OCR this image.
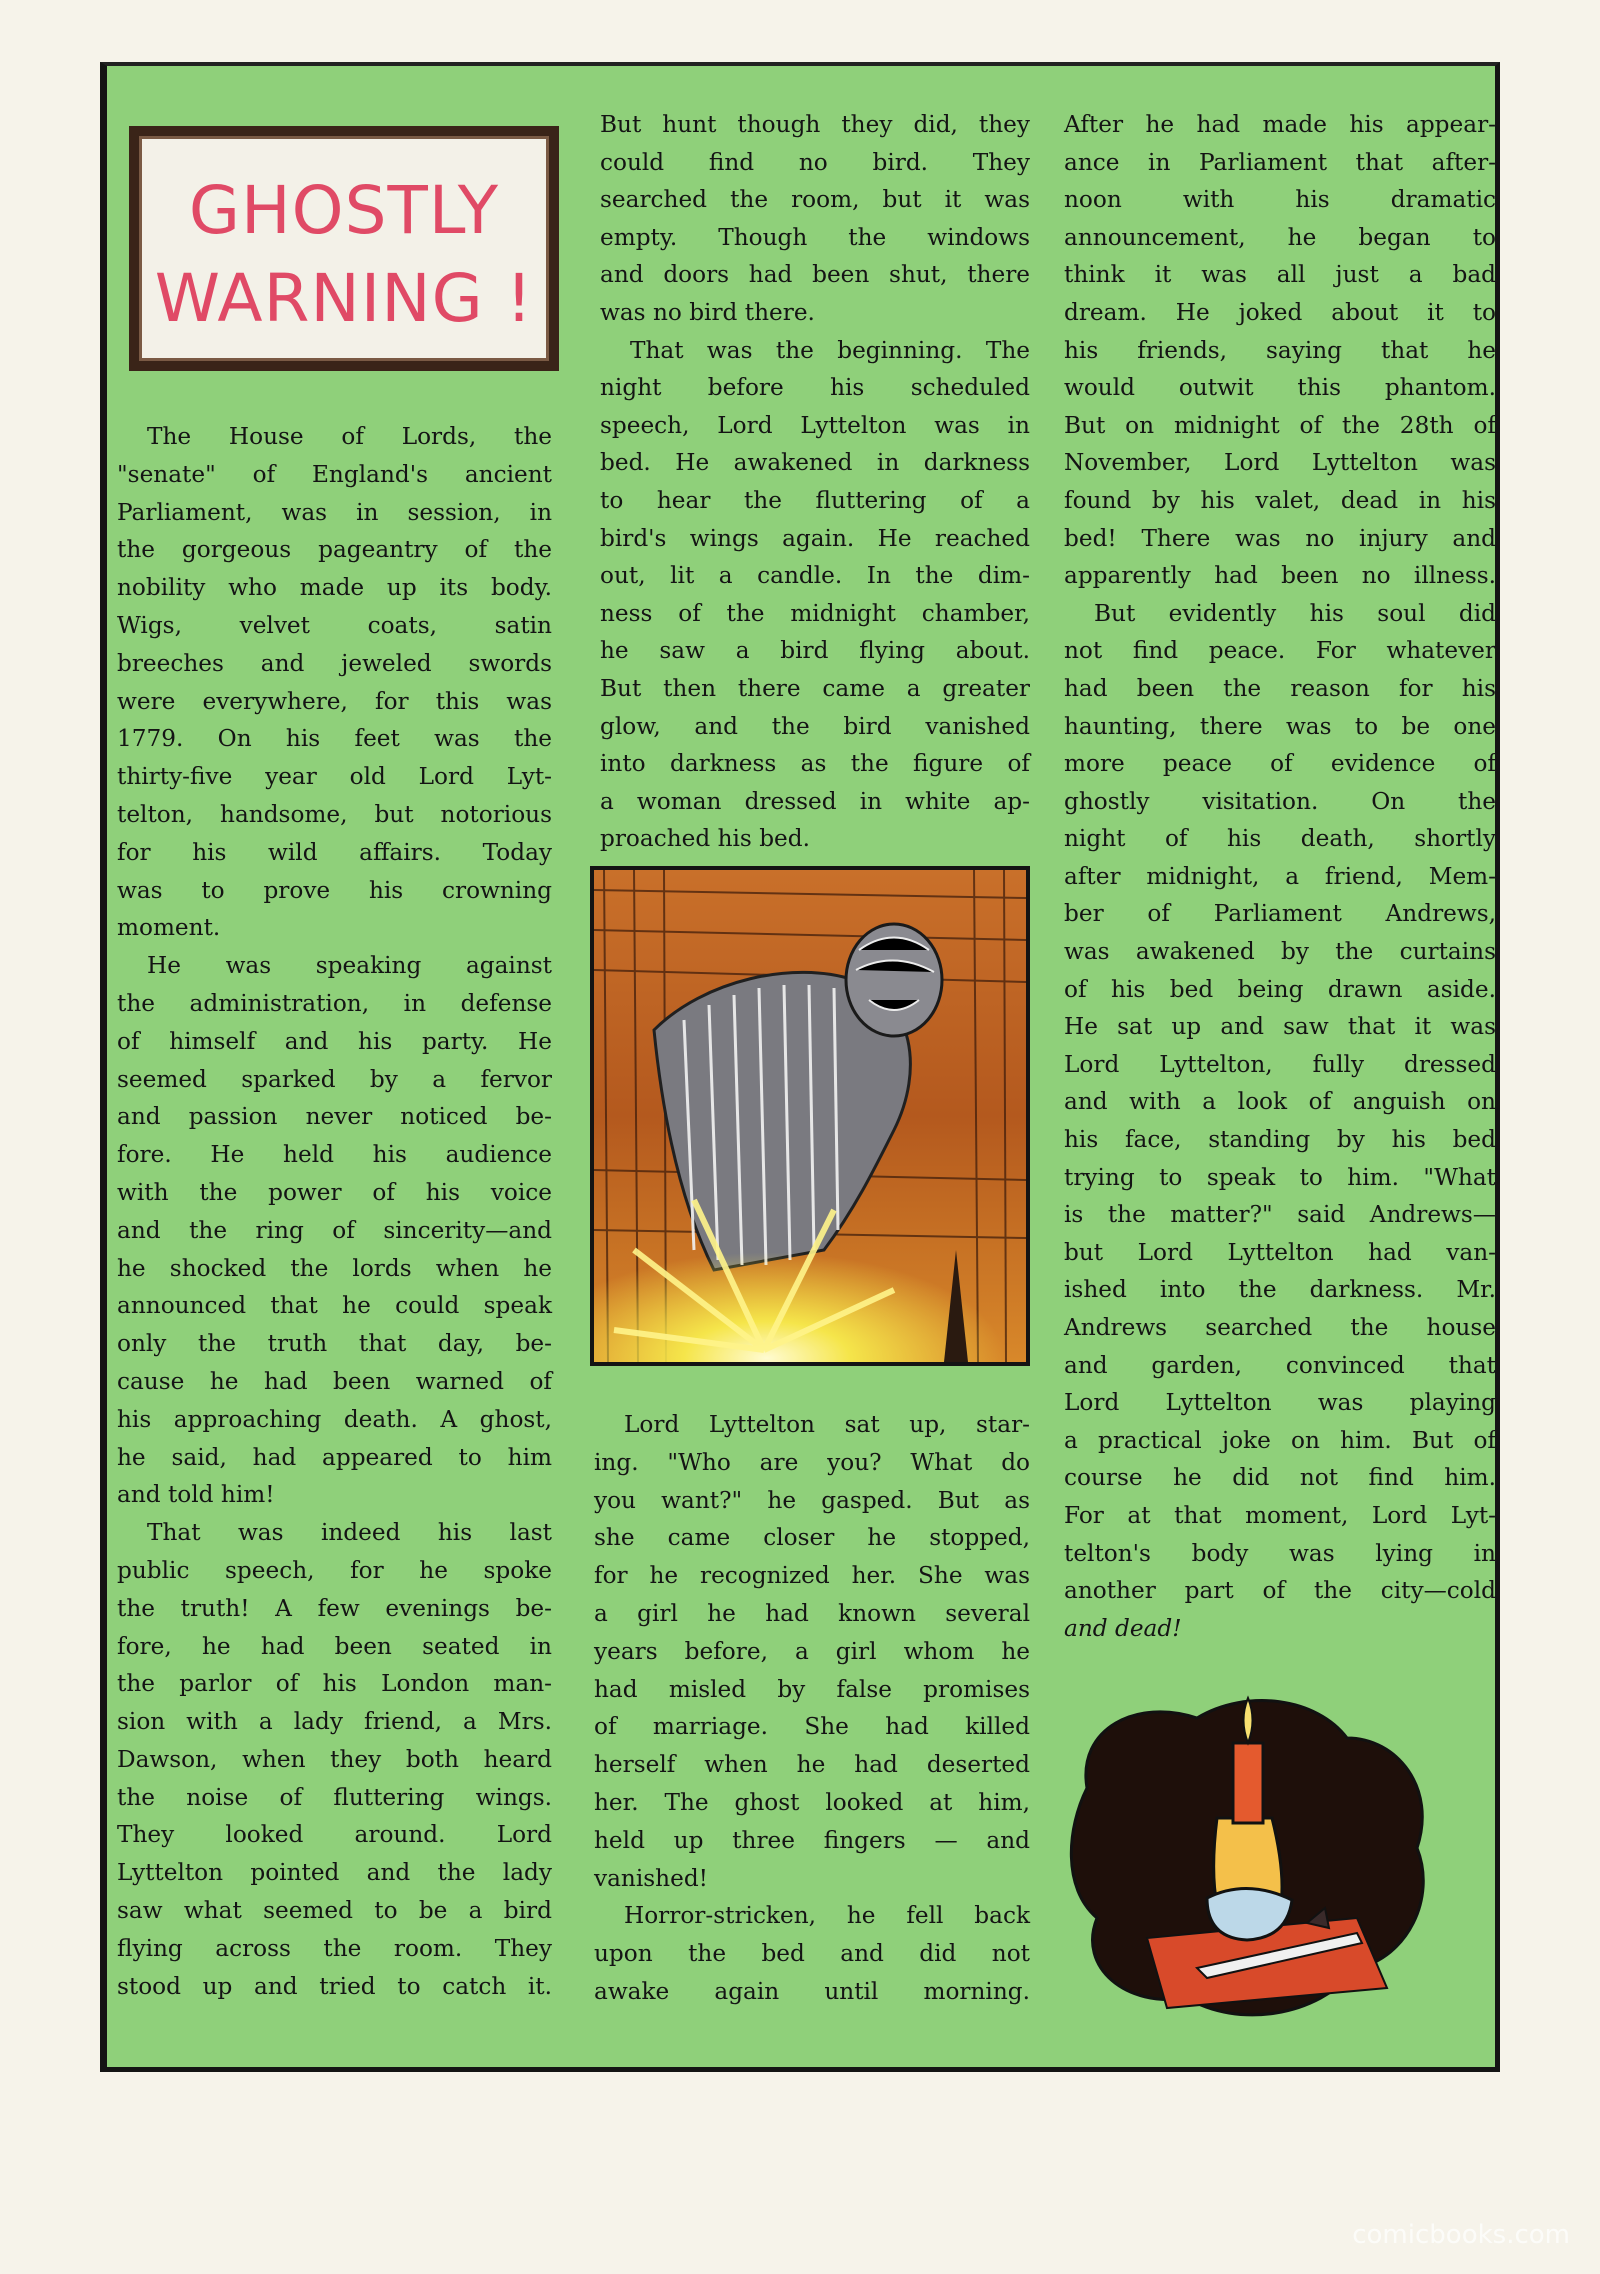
GHOSTLY
WARNING !

The House of Lords, the

"senate" of England's ancient

Parliament, was in session, in

the gorgeous pageantry of the

nobility who made up its body.

Wigs, velvet coats, satin

breeches and jeweled swords

were everywhere, for this was

1779. On his feet was the

thirty-five year old Lord Lyt-

telton, handsome, but notorious

for his wild affairs. Today

was to prove his crowning

moment.

He was speaking against

the administration, in defense

of himself and his party. He

seemed sparked by a fervor

and passion never noticed be-

fore. He held his audience

with the power of his voice

and the ring of sincerity—and

he shocked the lords when he

announced that he could speak

only the truth that day, be-

cause he had been warned of

his approaching death. A ghost,

he said, had appeared to him

and told him!

That was indeed his last

public speech, for he spoke

the truth! A few evenings be-

fore, he had been seated in

the parlor of his London man-

sion with a lady friend, a Mrs.

Dawson, when they both heard

the noise of fluttering wings.

They looked around. Lord

Lyttelton pointed and the lady

saw what seemed to be a bird

flying across the room. They

stood up and tried to catch it.

But hunt though they did, they

could find no bird. They

searched the room, but it was

empty. Though the windows

and doors had been shut, there

was no bird there.

That was the beginning. The

night before his scheduled

speech, Lord Lyttelton was in

bed. He awakened in darkness

to hear the fluttering of a

bird's wings again. He reached

out, lit a candle. In the dim-

ness of the midnight chamber,

he saw a bird flying about.

But then there came a greater

glow, and the bird vanished

into darkness as the figure of

a woman dressed in white ap-

proached his bed.

Lord Lyttelton sat up, star-

ing. "Who are you? What do

you want?" he gasped. But as

she came closer he stopped,

for he recognized her. She was

a girl he had known several

years before, a girl whom he

had misled by false promises

of marriage. She had killed

herself when he had deserted

her. The ghost looked at him,

held up three fingers — and

vanished!

Horror-stricken, he fell back

upon the bed and did not

awake again until morning.

After he had made his appear-

ance in Parliament that after-

noon with his dramatic

announcement, he began to

think it was all just a bad

dream. He joked about it to

his friends, saying that he

would outwit this phantom.

But on midnight of the 28th of

November, Lord Lyttelton was

found by his valet, dead in his

bed! There was no injury and

apparently had been no illness.

But evidently his soul did

not find peace. For whatever

had been the reason for his

haunting, there was to be one

more peace of evidence of

ghostly visitation. On the

night of his death, shortly

after midnight, a friend, Mem-

ber of Parliament Andrews,

was awakened by the curtains

of his bed being drawn aside.

He sat up and saw that it was

Lord Lyttelton, fully dressed

and with a look of anguish on

his face, standing by his bed

trying to speak to him. "What

is the matter?" said Andrews—

but Lord Lyttelton had van-

ished into the darkness. Mr.

Andrews searched the house

and garden, convinced that

Lord Lyttelton was playing

a practical joke on him. But of

course he did not find him.

For at that moment, Lord Lyt-

telton's body was lying in

another part of the city—cold

and dead!

comicbooks.com
